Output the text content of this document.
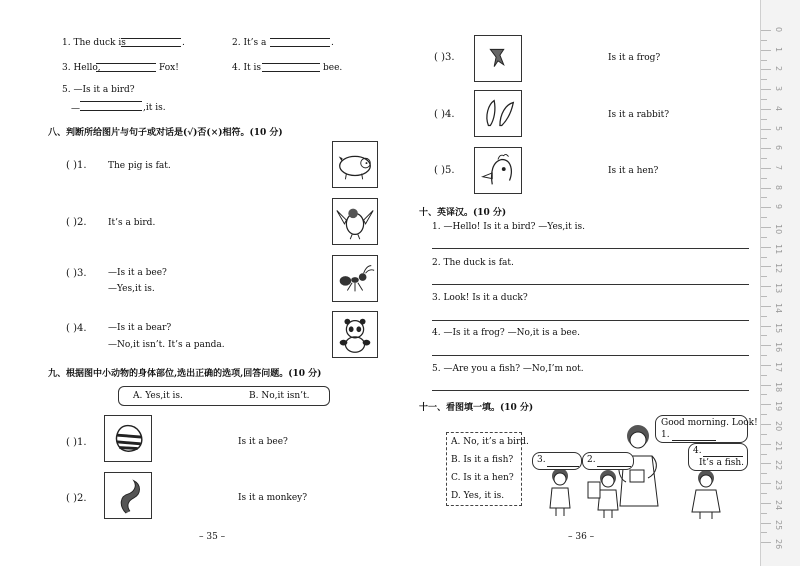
1. The duck is	.	2. It’s a	.
3. Hello,	Fox!	4. It is	bee.
5. —Is it a bird?
—	,it is.
八、判断所给图片与句子或对话是(√)否(×)相符。(10 分)
( )1. The pig is fat.
( )2. It’s a bird.
( )3. —Is it a bee?
—Yes,it is.
( )4. —Is it a bear?
—No,it isn’t. It’s a panda.
九、根据图中小动物的身体部位,选出正确的选项,回答问题。(10 分)
A. Yes,it is.	B. No,it isn’t.
( )1.	Is it a bee?
( )2.	Is it a monkey?
– 35 –
( )3.	Is it a frog?
( )4.	Is it a rabbit?
( )5.	Is it a hen?
十、英译汉。(10 分)
1. —Hello! Is it a bird? —Yes,it is.
2. The duck is fat.
3. Look! Is it a duck?
4. —Is it a frog? —No,it is a bee.
5. —Are you a fish? —No,I’m not.
十一、看图填一填。(10 分)
A. No, it’s a bird.
B. Is it a fish?
C. Is it a hen?
D. Yes, it is.
Good morning. Look!
1.
3.	2.
4.
It’s a fish.
– 36 –
0
1
2
3
4
5
6
7
8
9
10
11
12
13
14
15
16
17
18
19
20
21
22
23
24
25
26
